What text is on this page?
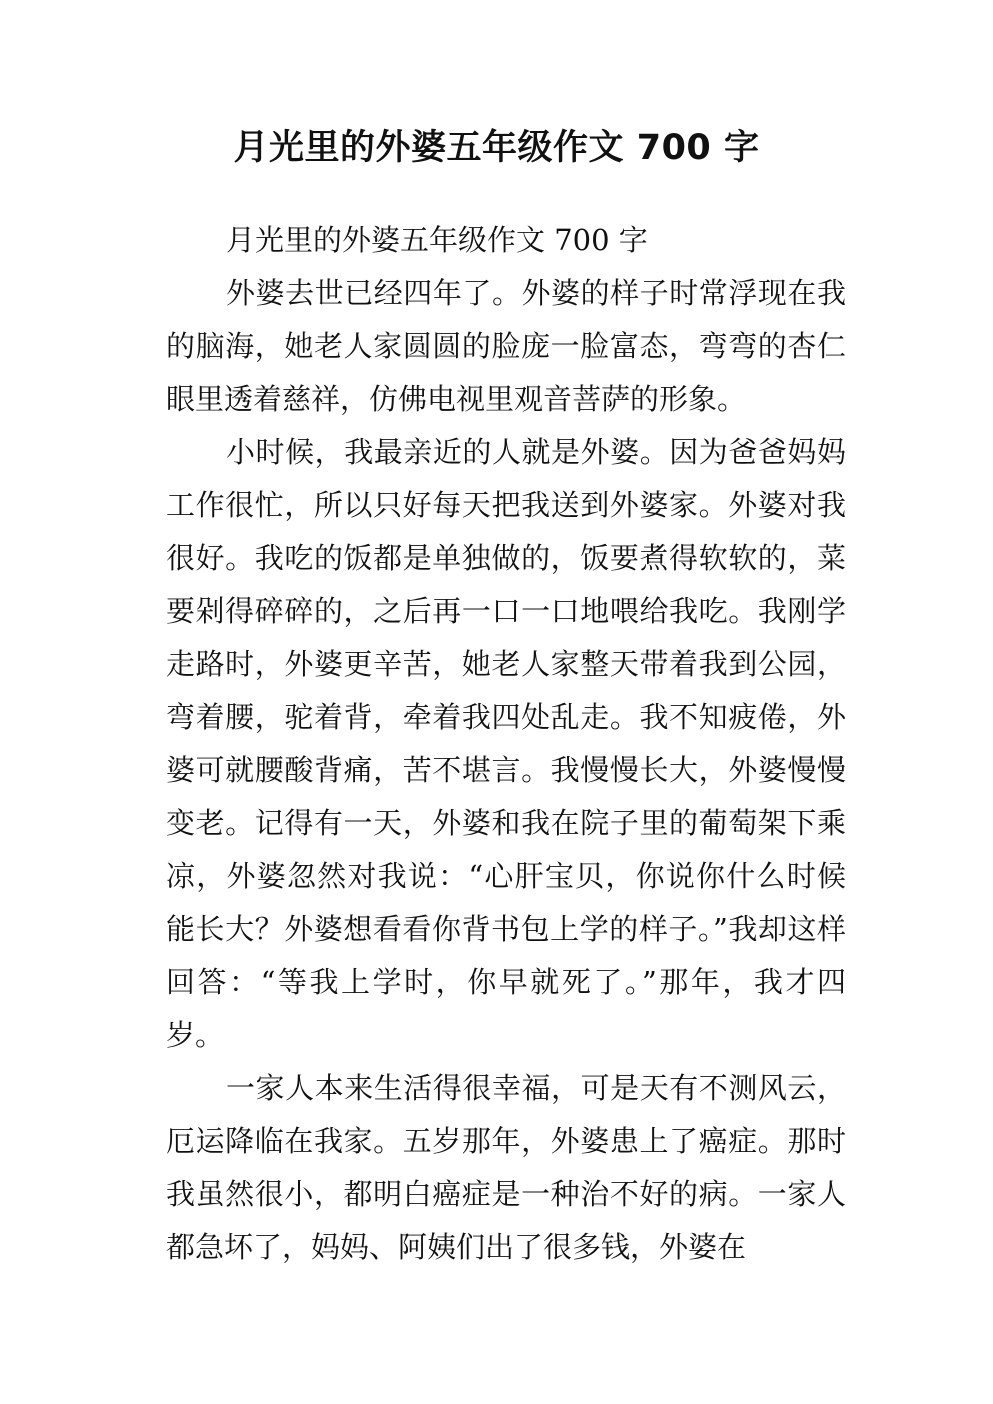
月光里的外婆五年级作文 700 字

月光里的外婆五年级作文 700 字

外婆去世已经四年了。外婆的样子时常浮现在我的脑海，她老人家圆圆的脸庞一脸富态，弯弯的杏仁眼里透着慈祥，仿佛电视里观音菩萨的形象。

小时候，我最亲近的人就是外婆。因为爸爸妈妈工作很忙，所以只好每天把我送到外婆家。外婆对我很好。我吃的饭都是单独做的，饭要煮得软软的，菜要剁得碎碎的，之后再一口一口地喂给我吃。我刚学走路时，外婆更辛苦，她老人家整天带着我到公园，弯着腰，驼着背，牵着我四处乱走。我不知疲倦，外婆可就腰酸背痛，苦不堪言。我慢慢长大，外婆慢慢变老。记得有一天，外婆和我在院子里的葡萄架下乘凉，外婆忽然对我说：“心肝宝贝，你说你什么时候能长大？外婆想看看你背书包上学的样子。”我却这样回答：“等我上学时，你早就死了。”那年，我才四岁。

一家人本来生活得很幸福，可是天有不测风云，厄运降临在我家。五岁那年，外婆患上了癌症。那时我虽然很小，都明白癌症是一种治不好的病。一家人都急坏了，妈妈、阿姨们出了很多钱，外婆在
